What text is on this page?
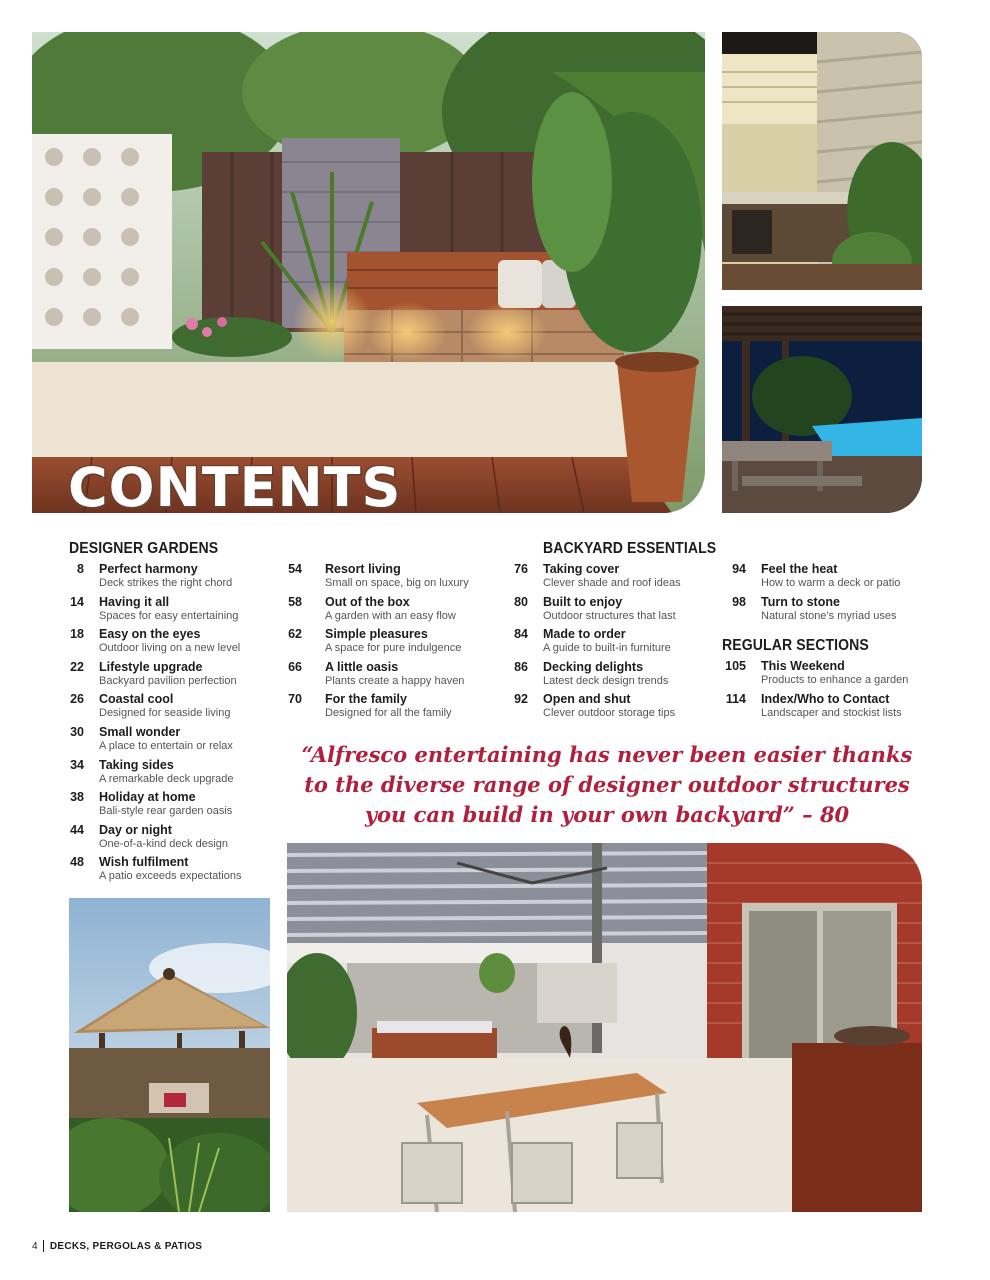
CONTENTS
DESIGNER GARDENS
8 Perfect harmony
Deck strikes the right chord
14 Having it all
Spaces for easy entertaining
18 Easy on the eyes
Outdoor living on a new level
22 Lifestyle upgrade
Backyard pavilion perfection
26 Coastal cool
Designed for seaside living
30 Small wonder
A place to entertain or relax
34 Taking sides
A remarkable deck upgrade
38 Holiday at home
Bali-style rear garden oasis
44 Day or night
One-of-a-kind deck design
48 Wish fulfilment
A patio exceeds expectations
54 Resort living
Small on space, big on luxury
58 Out of the box
A garden with an easy flow
62 Simple pleasures
A space for pure indulgence
66 A little oasis
Plants create a happy haven
70 For the family
Designed for all the family
BACKYARD ESSENTIALS
76 Taking cover
Clever shade and roof ideas
80 Built to enjoy
Outdoor structures that last
84 Made to order
A guide to built-in furniture
86 Decking delights
Latest deck design trends
92 Open and shut
Clever outdoor storage tips
94 Feel the heat
How to warm a deck or patio
98 Turn to stone
Natural stone’s myriad uses
REGULAR SECTIONS
105 This Weekend
Products to enhance a garden
114 Index/Who to Contact
Landscaper and stockist lists

“Alfresco entertaining has never been easier thanks to the diverse range of designer outdoor structures you can build in your own backyard” – 80

4 DECKS, PERGOLAS & PATIOS
